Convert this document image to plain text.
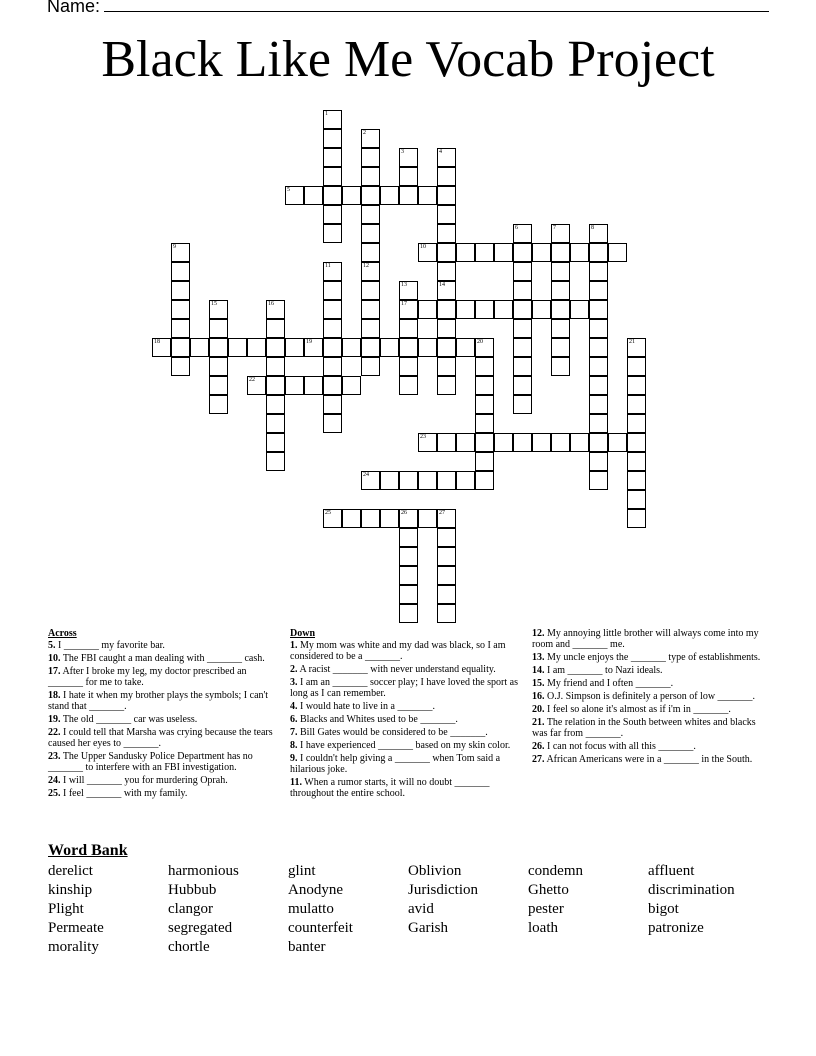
Name:
Black Like Me Vocab Project
1
2
12
3	4
14
5
6	7	8
9	10
11
13
17
15	16
18	19	20	21
22
23
24
25	26	27
Across
5. I _______ my favorite bar.
10. The FBI caught a man dealing with _______ cash.
17. After I broke my leg, my doctor prescribed an _______ for me to take.
18. I hate it when my brother plays the symbols; I can't stand that _______.
19. The old _______ car was useless.
22. I could tell that Marsha was crying because the tears caused her eyes to _______.
23. The Upper Sandusky Police Department has no _______ to interfere with an FBI investigation.
24. I will _______ you for murdering Oprah.
25. I feel _______ with my family.
Down
1. My mom was white and my dad was black, so I am considered to be a _______.
2. A racist _______ with never understand equality.
3. I am an _______ soccer play; I have loved the sport as long as I can remember.
4. I would hate to live in a _______.
6. Blacks and Whites used to be _______.
7. Bill Gates would be considered to be _______.
8. I have experienced _______ based on my skin color.
9. I couldn't help giving a _______ when Tom said a hilarious joke.
11. When a rumor starts, it will no doubt _______ throughout the entire school.
12. My annoying little brother will always come into my room and _______ me.
13. My uncle enjoys the _______ type of establishments.
14. I am _______ to Nazi ideals.
15. My friend and I often _______.
16. O.J. Simpson is definitely a person of low _______.
20. I feel so alone it's almost as if i'm in _______.
21. The relation in the South between whites and blacks was far from _______.
26. I can not focus with all this _______.
27. African Americans were in a _______ in the South.
Word Bank
derelict
kinship
Plight
Permeate
morality
harmonious
Hubbub
clangor
segregated
chortle
glint
Anodyne
mulatto
counterfeit
banter
Oblivion
Jurisdiction
avid
Garish
condemn
Ghetto
pester
loath
affluent
discrimination
bigot
patronize
